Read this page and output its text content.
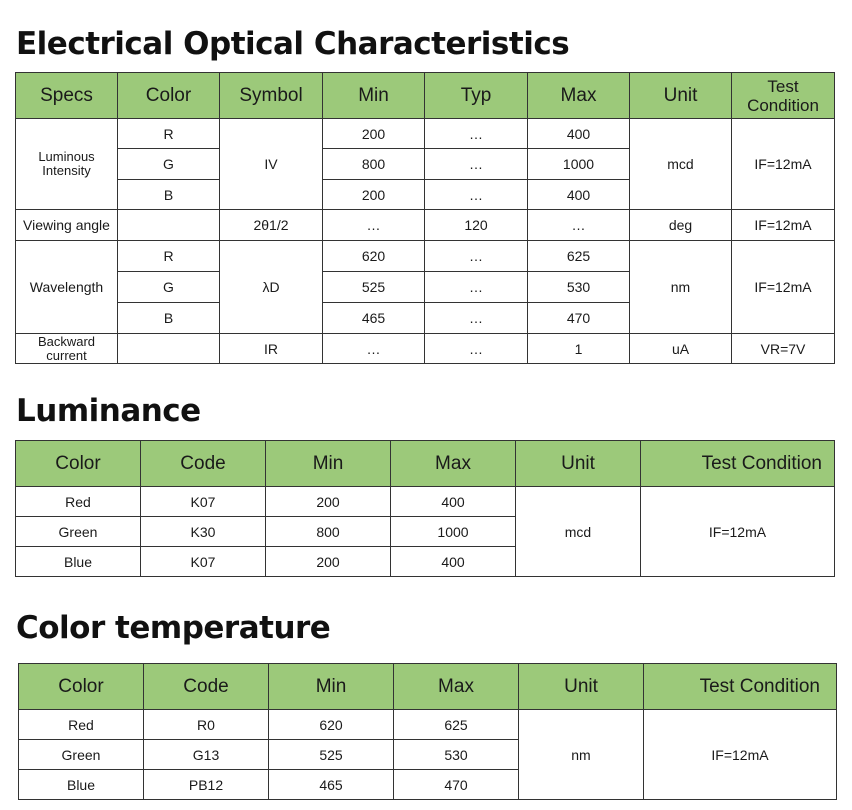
Electrical Optical Characteristics
Specs	Color	Symbol	Min	Typ	Max	Unit	Test Condition
Luminous Intensity	R	IV	200	…	400	mcd	IF=12mA
	G		800	…	1000		
	B		200	…	400		
Viewing angle		2θ1/2	…	120	…	deg	IF=12mA
Wavelength	R	λD	620	…	625	nm	IF=12mA
	G		525	…	530		
	B		465	…	470		
Backward current		IR	…	…	1	uA	VR=7V
Luminance
Color	Code	Min	Max	Unit	Test Condition
Red	K07	200	400	mcd	IF=12mA
Green	K30	800	1000		
Blue	K07	200	400		
Color temperature
Color	Code	Min	Max	Unit	Test Condition
Red	R0	620	625	nm	IF=12mA
Green	G13	525	530		
Blue	PB12	465	470		
